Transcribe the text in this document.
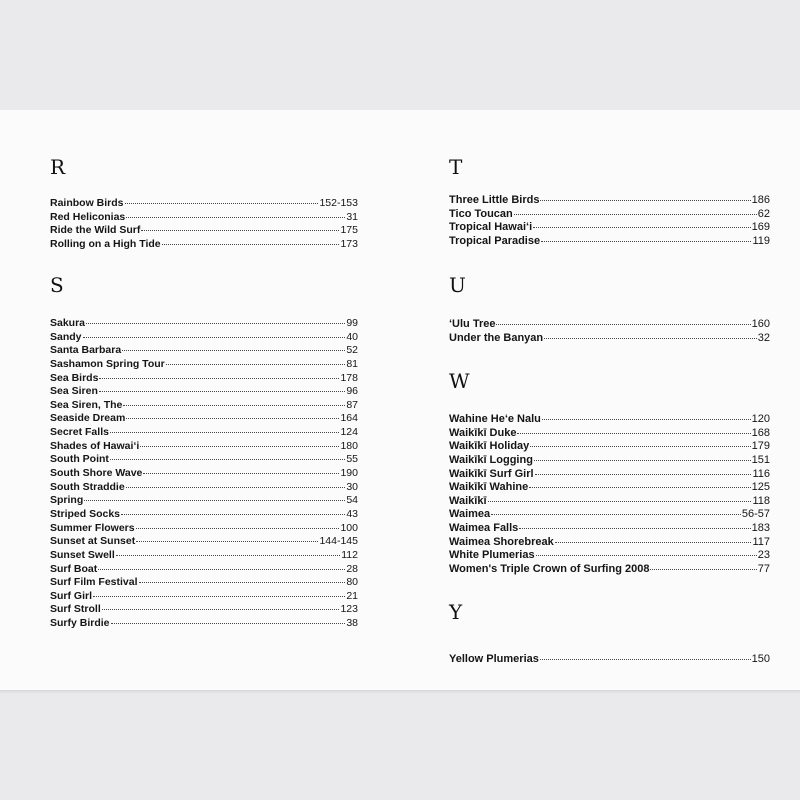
R
Rainbow Birds	152-153
Red Heliconias	31
Ride the Wild Surf	175
Rolling on a High Tide	173
S
Sakura	99
Sandy	40
Santa Barbara	52
Sashamon Spring Tour	81
Sea Birds	178
Sea Siren	96
Sea Siren, The	87
Seaside Dream	164
Secret Falls	124
Shades of Hawai‘i	180
South Point	55
South Shore Wave	190
South Straddie	30
Spring	54
Striped Socks	43
Summer Flowers	100
Sunset at Sunset	144-145
Sunset Swell	112
Surf Boat	28
Surf Film Festival	80
Surf Girl	21
Surf Stroll	123
Surfy Birdie	38
T
Three Little Birds	186
Tico Toucan	62
Tropical Hawai‘i	169
Tropical Paradise	119
U
‘Ulu Tree	160
Under the Banyan	32
W
Wahine He‘e Nalu	120
Waikīkī Duke	168
Waikīkī Holiday	179
Waikīkī Logging	151
Waikīkī Surf Girl	116
Waikīkī Wahine	125
Waikīkī	118
Waimea	56-57
Waimea Falls	183
Waimea Shorebreak	117
White Plumerias	23
Women's Triple Crown of Surfing 2008	77
Y
Yellow Plumerias	150
